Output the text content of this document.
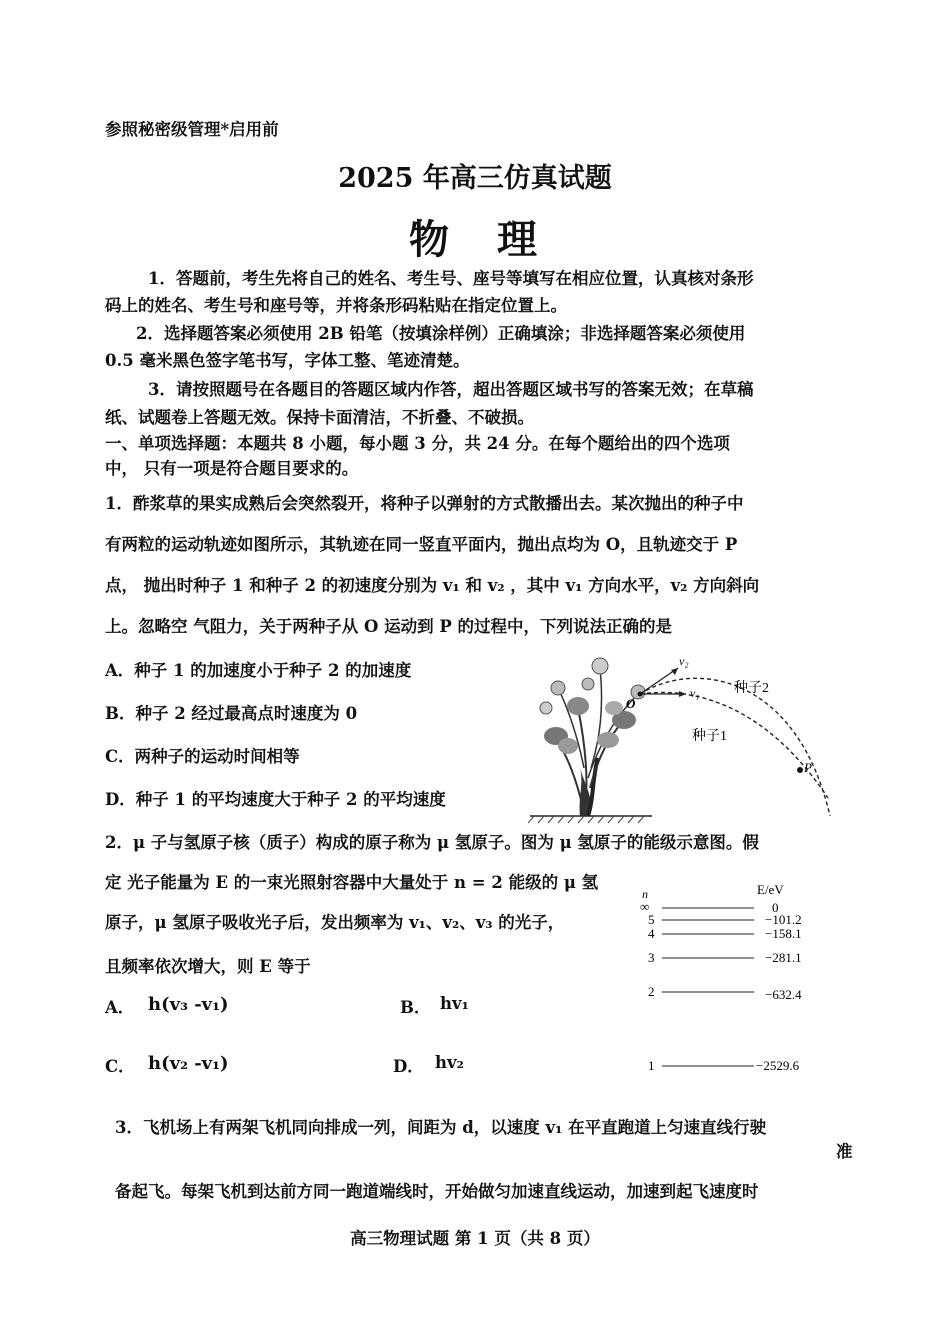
参照秘密级管理*启用前
2025 年高三仿真试题
物　理
1．答题前，考生先将自己的姓名、考生号、座号等填写在相应位置，认真核对条形
码上的姓名、考生号和座号等，并将条形码粘贴在指定位置上。
2．选择题答案必须使用 2B 铅笔（按填涂样例）正确填涂；非选择题答案必须使用
0.5 毫米黑色签字笔书写，字体工整、笔迹清楚。
3．请按照题号在各题目的答题区域内作答，超出答题区域书写的答案无效；在草稿
纸、试题卷上答题无效。保持卡面清洁，不折叠、不破损。
一、单项选择题：本题共 8 小题，每小题 3 分，共 24 分。在每个题给出的四个选项
中， 只有一项是符合题目要求的。
1．酢浆草的果实成熟后会突然裂开，将种子以弹射的方式散播出去。某次抛出的种子中
有两粒的运动轨迹如图所示，其轨迹在同一竖直平面内，抛出点均为 O，且轨迹交于 P
点， 抛出时种子 1 和种子 2 的初速度分别为 v₁ 和 v₂ ，其中 v₁ 方向水平，v₂ 方向斜向
上。忽略空 气阻力，关于两种子从 O 运动到 P 的过程中，下列说法正确的是
A．种子 1 的加速度小于种子 2 的加速度
B．种子 2 经过最高点时速度为 0
C．两种子的运动时间相等
D．种子 1 的平均速度大于种子 2 的平均速度
v₂
v₁
O
P
种子2
种子1
2．μ 子与氢原子核（质子）构成的原子称为 μ 氢原子。图为 μ 氢原子的能级示意图。假
定 光子能量为 E 的一束光照射容器中大量处于 n = 2 能级的 μ 氢
原子，μ 氢原子吸收光子后，发出频率为 v₁、v₂、v₃ 的光子，
且频率依次增大，则 E 等于
A． h(v₃ -v₁)	B． hv₁
C． h(v₂ -v₁)	D． hv₂
n	E/eV
∞	0
5	−101.2
4	−158.1
3	−281.1
2	−632.4
1	−2529.6
3．飞机场上有两架飞机同向排成一列，间距为 d，以速度 v₁ 在平直跑道上匀速直线行驶
准
备起飞。每架飞机到达前方同一跑道端线时，开始做匀加速直线运动，加速到起飞速度时
高三物理试题 第 1 页（共 8 页）
